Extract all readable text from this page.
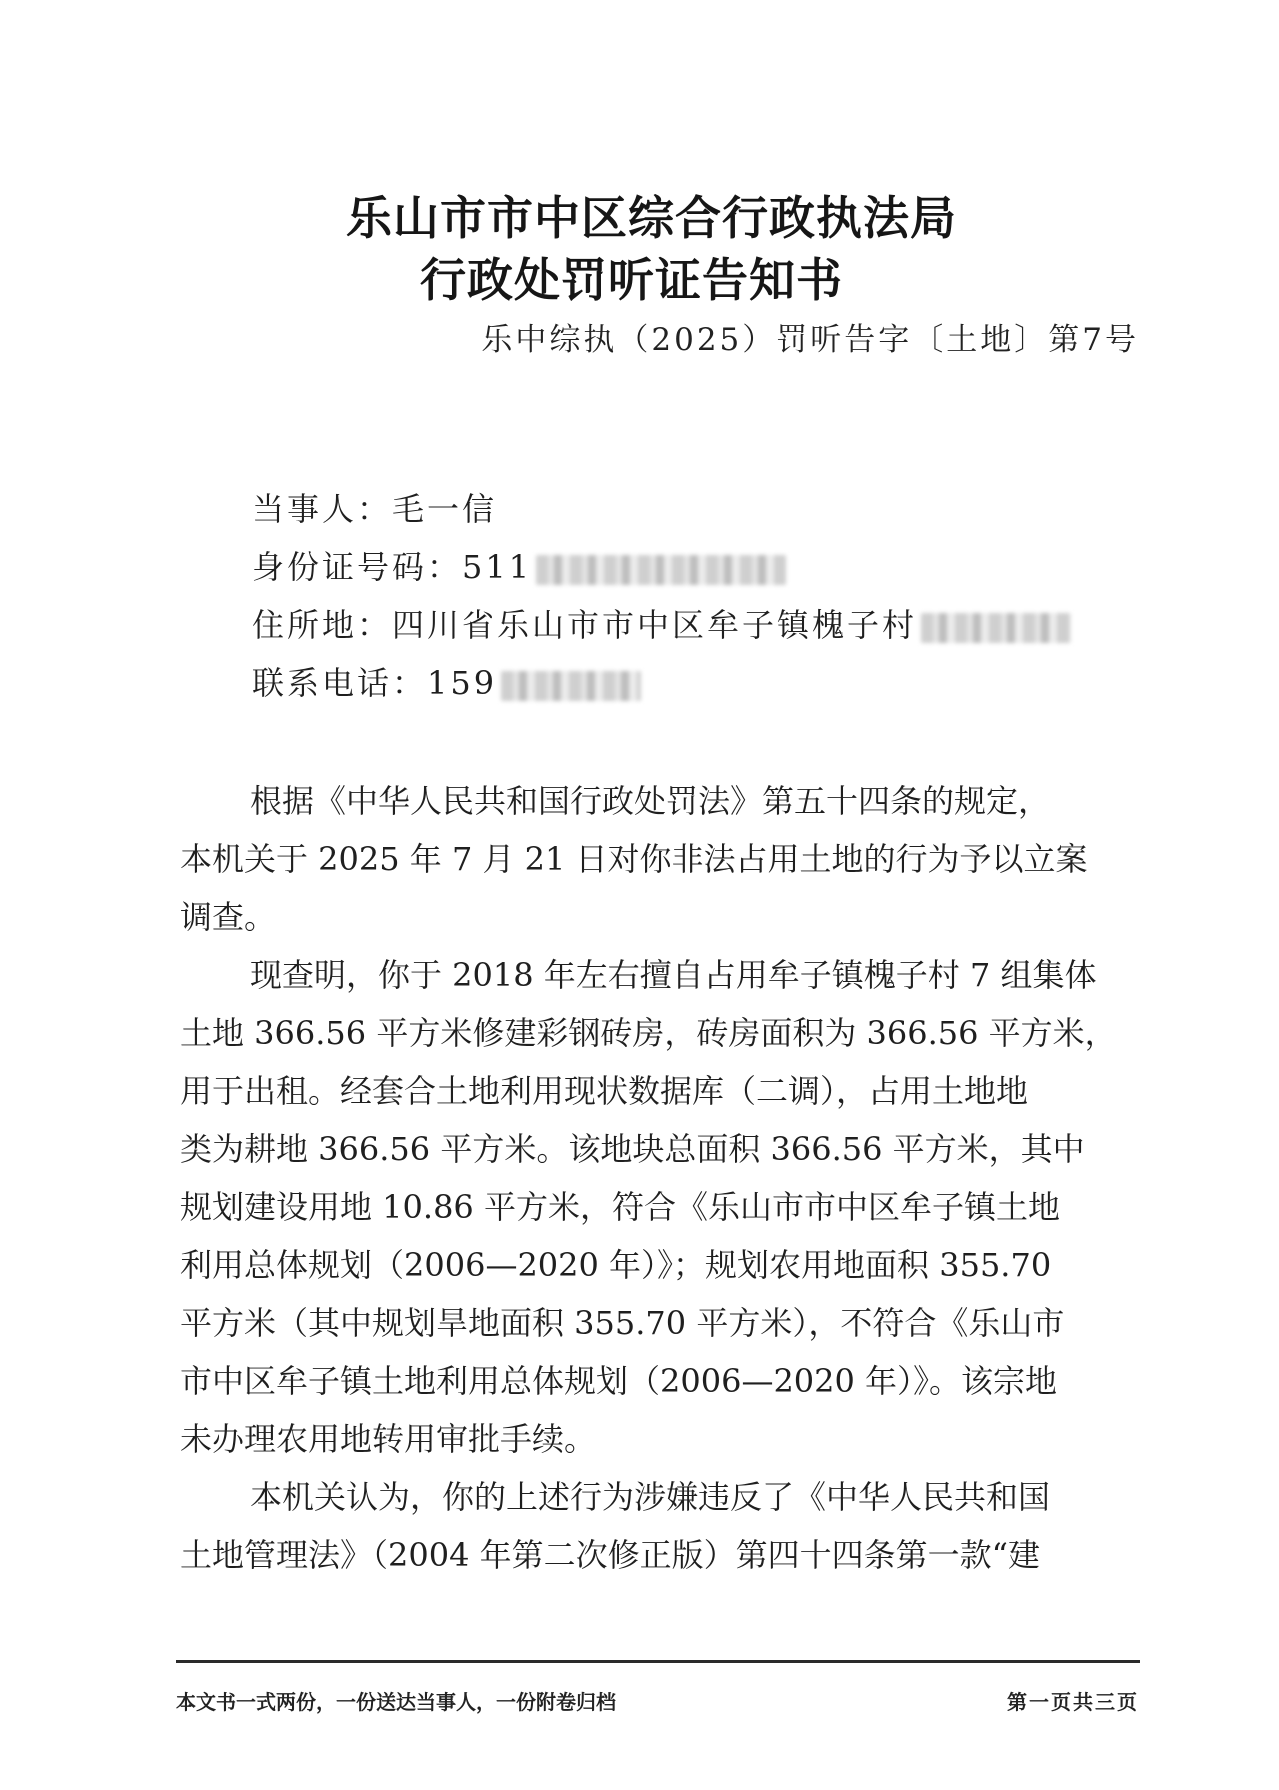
乐山市市中区综合行政执法局
行政处罚听证告知书
乐中综执（2025）罚听告字〔土地〕第7号
当事人：毛一信
身份证号码：511
住所地：四川省乐山市市中区牟子镇槐子村
联系电话：159
根据《中华人民共和国行政处罚法》第五十四条的规定，
本机关于 2025 年 7 月 21 日对你非法占用土地的行为予以立案
调查。
现查明，你于 2018 年左右擅自占用牟子镇槐子村 7 组集体
土地 366.56 平方米修建彩钢砖房，砖房面积为 366.56 平方米，
用于出租。经套合土地利用现状数据库（二调），占用土地地
类为耕地 366.56 平方米。该地块总面积 366.56 平方米，其中
规划建设用地 10.86 平方米，符合《乐山市市中区牟子镇土地
利用总体规划（2006—2020 年）》；规划农用地面积 355.70
平方米（其中规划旱地面积 355.70 平方米），不符合《乐山市
市中区牟子镇土地利用总体规划（2006—2020 年）》。该宗地
未办理农用地转用审批手续。
本机关认为，你的上述行为涉嫌违反了《中华人民共和国
土地管理法》（2004 年第二次修正版）第四十四条第一款“建
本文书一式两份，一份送达当事人，一份附卷归档	第一页共三页
